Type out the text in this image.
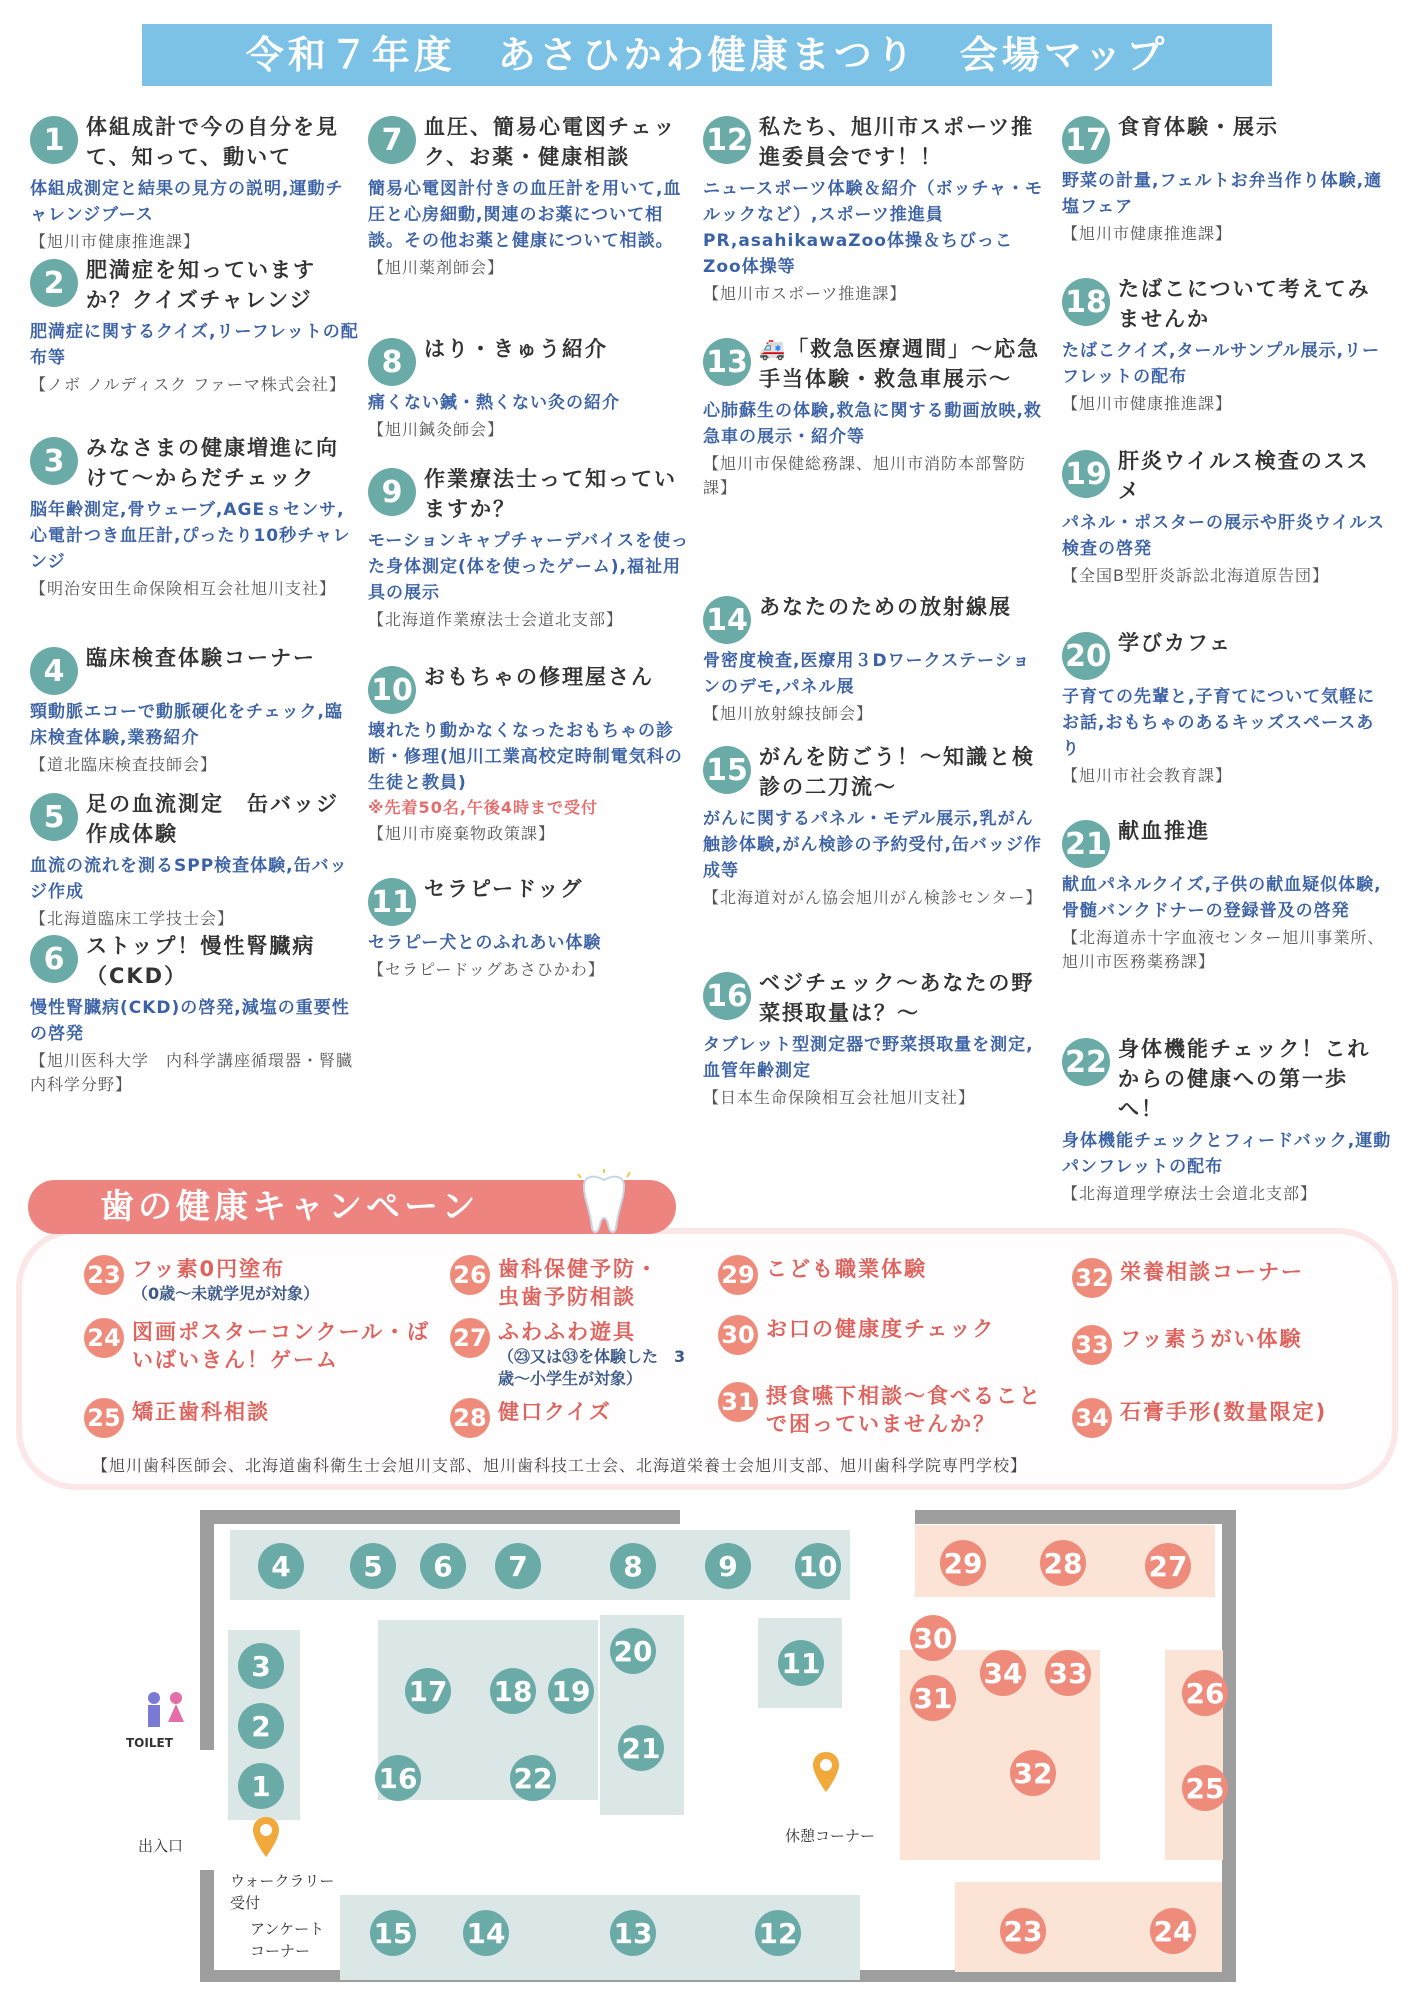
令和７年度　あさひかわ健康まつり　会場マップ
1	体組成計で今の自分を見て、知って、動いて
体組成測定と結果の見方の説明,運動チャレンジブース
【旭川市健康推進課】
2	肥満症を知っていますか？クイズチャレンジ
肥満症に関するクイズ,リーフレットの配布等
【ノボ ノルディスク ファーマ株式会社】
3	みなさまの健康増進に向けて〜からだチェック
脳年齢測定,骨ウェーブ,AGEｓセンサ,心電計つき血圧計,ぴったり10秒チャレンジ
【明治安田生命保険相互会社旭川支社】
4	臨床検査体験コーナー
頸動脈エコーで動脈硬化をチェック,臨床検査体験,業務紹介
【道北臨床検査技師会】
5	足の血流測定　缶バッジ作成体験
血流の流れを測るSPP検査体験,缶バッジ作成
【北海道臨床工学技士会】
6	ストップ！慢性腎臓病（CKD）
慢性腎臓病(CKD)の啓発,減塩の重要性の啓発
【旭川医科大学　内科学講座循環器・腎臓内科学分野】
7	血圧、簡易心電図チェック、お薬・健康相談
簡易心電図計付きの血圧計を用いて,血圧と心房細動,関連のお薬について相談。その他お薬と健康について相談。
【旭川薬剤師会】
8	はり・きゅう紹介
痛くない鍼・熱くない灸の紹介
【旭川鍼灸師会】
9	作業療法士って知っていますか？
モーションキャプチャーデバイスを使った身体測定(体を使ったゲーム),福祉用具の展示
【北海道作業療法士会道北支部】
10 おもちゃの修理屋さん
壊れたり動かなくなったおもちゃの診断・修理(旭川工業高校定時制電気科の生徒と教員)
※先着50名,午後4時まで受付
【旭川市廃棄物政策課】
11 セラピードッグ
セラピー犬とのふれあい体験
【セラピードッグあさひかわ】
12 私たち、旭川市スポーツ推進委員会です！！
ニュースポーツ体験＆紹介（ボッチャ・モルックなど）,スポーツ推進員PR,asahikawaZoo体操＆ちびっこZoo体操等
【旭川市スポーツ推進課】
13 🚑「救急医療週間」〜応急手当体験・救急車展示〜
心肺蘇生の体験,救急に関する動画放映,救急車の展示・紹介等
【旭川市保健総務課、旭川市消防本部警防課】
14 あなたのための放射線展
骨密度検査,医療用３Dワークステーションのデモ,パネル展
【旭川放射線技師会】
15 がんを防ごう！〜知識と検診の二刀流〜
がんに関するパネル・モデル展示,乳がん触診体験,がん検診の予約受付,缶バッジ作成等
【北海道対がん協会旭川がん検診センター】
16 ベジチェック〜あなたの野菜摂取量は？〜
タブレット型測定器で野菜摂取量を測定,血管年齢測定
【日本生命保険相互会社旭川支社】
17 食育体験・展示
野菜の計量,フェルトお弁当作り体験,適塩フェア
【旭川市健康推進課】
18 たばこについて考えてみませんか
たばこクイズ,タールサンプル展示,リーフレットの配布
【旭川市健康推進課】
19 肝炎ウイルス検査のススメ
パネル・ポスターの展示や肝炎ウイルス検査の啓発
【全国B型肝炎訴訟北海道原告団】
20 学びカフェ
子育ての先輩と,子育てについて気軽にお話,おもちゃのあるキッズスペースあり
【旭川市社会教育課】
21 献血推進
献血パネルクイズ,子供の献血疑似体験,骨髄バンクドナーの登録普及の啓発
【北海道赤十字血液センター旭川事業所、旭川市医務薬務課】
22 身体機能チェック！これからの健康への第一歩へ！
身体機能チェックとフィードバック,運動パンフレットの配布
【北海道理学療法士会道北支部】
歯の健康キャンペーン
23 フッ素0円塗布
（0歳〜未就学児が対象）
24 図画ポスターコンクール・ばいばいきん！ゲーム
25 矯正歯科相談
26 歯科保健予防・虫歯予防相談
27 ふわふわ遊具
（㉓又は㉝を体験した　3歳〜小学生が対象）
28 健口クイズ
29 こども職業体験
30 お口の健康度チェック
31 摂食嚥下相談〜食べることで困っていませんか？
32 栄養相談コーナー
33 フッ素うがい体験
34 石膏手形(数量限定)
【旭川歯科医師会、北海道歯科衛生士会旭川支部、旭川歯科技工士会、北海道栄養士会旭川支部、旭川歯科学院専門学校】
4	5	6	7	8	9	10	29 28 27
3
2
1
17 18 19
20	11
30
31
34 33
26
16	22
21
32	25
15 14	13	12	23	24
TOILET
出入口
ウォークラリー受付
アンケートコーナー
休憩コーナー
